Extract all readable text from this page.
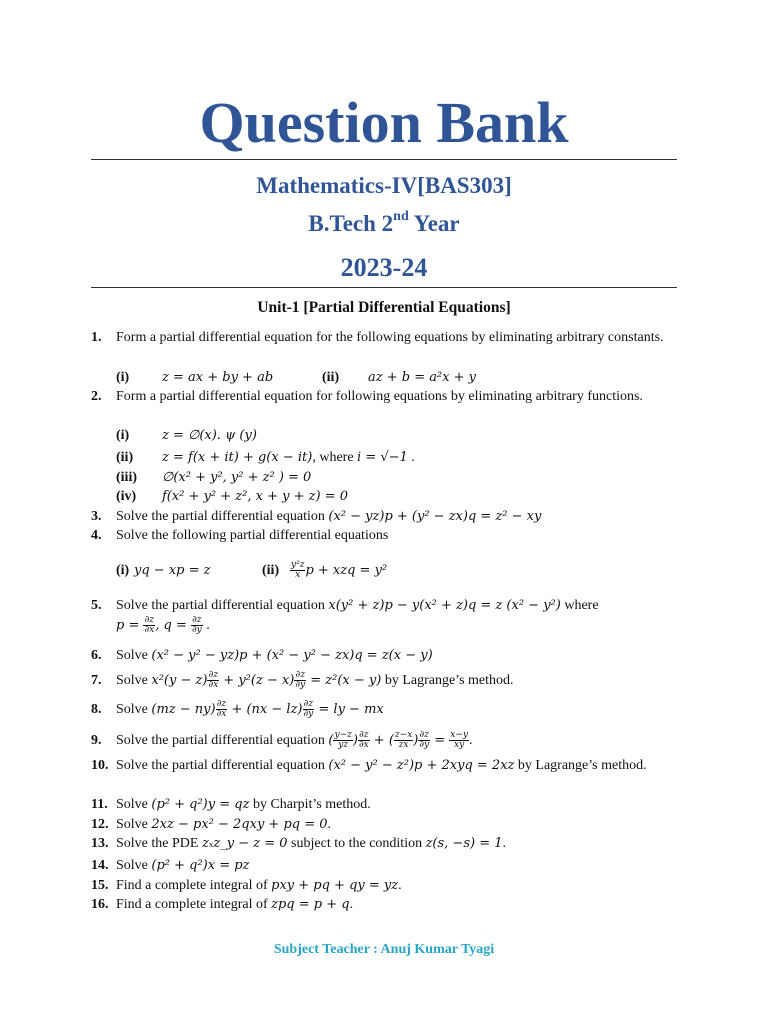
Question Bank
Mathematics-IV[BAS303]
B.Tech 2nd Year
2023-24
Unit-1 [Partial Differential Equations]
1. Form a partial differential equation for the following equations by eliminating arbitrary constants.
(i)	z = ax + by + ab	(ii) az + b = a²x + y
2. Form a partial differential equation for following equations by eliminating arbitrary functions.
(i)	z = ∅(x). ψ (y)
(ii) z = f(x + it) + g(x − it), where i = √−1 .
(iii) ∅(x² + y², y² + z² ) = 0
(iv) f(x² + y² + z², x + y + z) = 0
3. Solve the partial differential equation (x² − yz)p + (y² − zx)q = z² − xy
4. Solve the following partial differential equations
(i) yq − xp = z	$(ii) \frac{\text{y²z}}{x}$ p + xzq = y²
5. Solve the partial differential equation x(y² + z)p − y(x² + z)q = z (x² − y²) where
$p = \frac{\partial z}{\partial x}$ , $q = \frac{\partial z}{\partial y}$ .
6. Solve (x² − y² − yz)p + (x² − y² − zx)q = z(x − y)
7. Solve $x^2(y - z) \frac{\partial z}{\partial x} + y^2(z - x) \frac{\partial z}{\partial y} = z^2(x - y)$ by Lagrange’s method.
8. Solve $(mz - ny) \frac{\partial z}{\partial x} + (nx - lz) \frac{\partial z}{\partial y}$ = ly − mx
9. Solve the partial differential equation ( $\frac{y-z}{yz}$ ) $\frac{\partial z}{\partial x}$ + ( $\frac{z-x}{zx}$ ) $\frac{\partial z}{\partial y} = \frac{x-y}{xy}$ .
10. Solve the partial differential equation (x² − y² − z²)p + 2xyq = 2xz by Lagrange’s method.
11. Solve (p² + q²)y = qz by Charpit’s method.
12. Solve 2xz − px² − 2qxy + pq = 0.
13. Solve the PDE zₓz_y − z = 0 subject to the condition z(s, −s) = 1.
14. Solve (p² + q²)x = pz
15. Find a complete integral of pxy + pq + qy = yz.
16. Find a complete integral of zpq = p + q.
Subject Teacher : Anuj Kumar Tyagi
